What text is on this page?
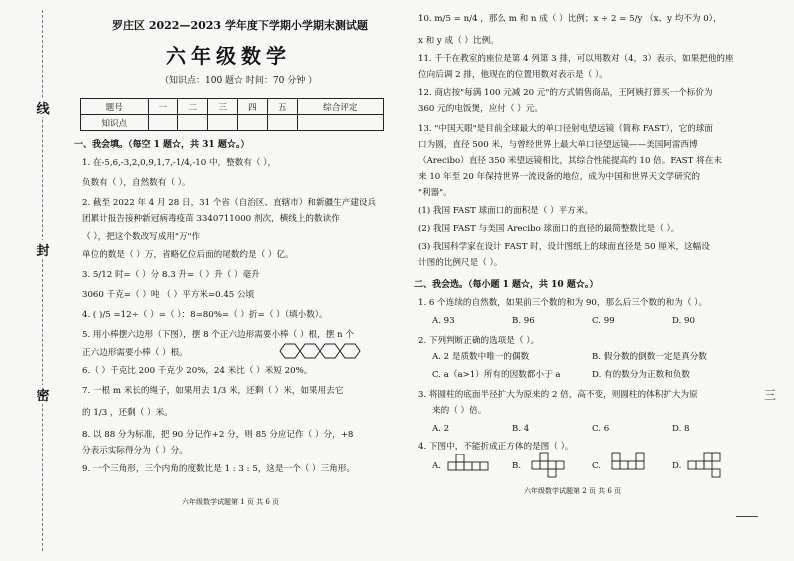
线
封
密
罗庄区 2022—2023 学年度下学期小学期末测试题
六年级数学
（知识点：100 题☆ 时间：70 分钟 ）
题号	一	二	三	四	五	综合评定
知识点						
一、我会填。（每空 1 题☆，共 31 题☆。）
1. 在-5,6,-3,2,0,9,1,7,-1/4,-10 中，整数有（ ），
负数有（ ），自然数有（ ）。
2. 截至 2022 年 4 月 28 日，31 个省（自治区、直辖市）和新疆生产建设兵
团累计报告接种新冠病毒疫苗 3340711000 剂次，横线上的数读作
（ ），把这个数改写成用"万"作
单位的数是（ ）万，省略亿位后面的尾数约是（ ）亿。
3. 5/12 时=（ ）分 8.3 升=（ ）升（ ）毫升
3060 千克=（ ）吨 （ ）平方米=0.45 公顷
4. ( )/5 =12÷（ ）=（ ）：8=80%=（ ）折=（ ）（填小数）。
5. 用小棒摆六边形（下图），摆 8 个正六边形需要小棒（ ）根，摆 n 个
正六边形需要小棒（ ）根。
6.（ ）千克比 200 千克少 20%，24 米比（ ）米短 20%。
7. 一根 m 米长的绳子，如果用去 1/3 米，还剩（ ）米，如果用去它
的 1/3 ，还剩（ ）米。
8. 以 88 分为标准，把 90 分记作+2 分，则 85 分应记作（ ）分，+8
分表示实际得分为（ ）分。
9. 一个三角形，三个内角的度数比是 1 : 3 : 5，这是一个（ ）三角形。
六年级数学试题第 1 页 共 6 页
10. m/5 = n/4 ，那么 m 和 n 成（ ）比例；x ÷ 2 = 5/y （x、y 均不为 0），
x 和 y 成（ ）比例。
11. 千千在教室的座位是第 4 列第 3 排，可以用数对（4，3）表示，如果把他的座
位向后调 2 排，他现在的位置用数对表示是（ ）。
12. 商店按"每满 100 元减 20 元"的方式销售商品，王阿姨打算买一个标价为
360 元的电饭煲，应付（ ）元。
13. "中国天眼"是目前全球最大的单口径射电望远镜（简称 FAST），它的球面
口为圆，直径 500 米，与曾经世界上最大单口径望远镜——美国阿雷西博
（Arecibo）直径 350 米望远镜相比，其综合性能提高约 10 倍。FAST 将在未
来 10 年至 20 年保持世界一流设备的地位，成为中国和世界天文学研究的
"利器"。
(1) 我国 FAST 球面口的面积是（ ）平方米。
(2) 我国 FAST 与美国 Arecibo 球面口的直径的最简整数比是（ ）。
(3) 我国科学家在设计 FAST 时，设计图纸上的球面直径是 50 厘米，这幅设
计图的比例尺是（ ）。
二、我会选。（每小题 1 题☆，共 10 题☆。）
1. 6 个连续的自然数，如果前三个数的和为 90，那么后三个数的和为（ ）。
A. 93	B. 96	C. 99	D. 90
2. 下列判断正确的选项是（ ）。
A. 2 是质数中唯一的偶数	B. 假分数的倒数一定是真分数
C. a（a>1）所有的因数都小于 a	D. 有的数分为正数和负数
3. 将圆柱的底面半径扩大为原来的 2 倍，高不变，则圆柱的体积扩大为原
来的（ ）倍。
A. 2	B. 4	C. 6	D. 8
4. 下图中，不能折成正方体的是图（ ）。
A.	B.	C.	D.
六年级数学试题第 2 页 共 6 页
三
